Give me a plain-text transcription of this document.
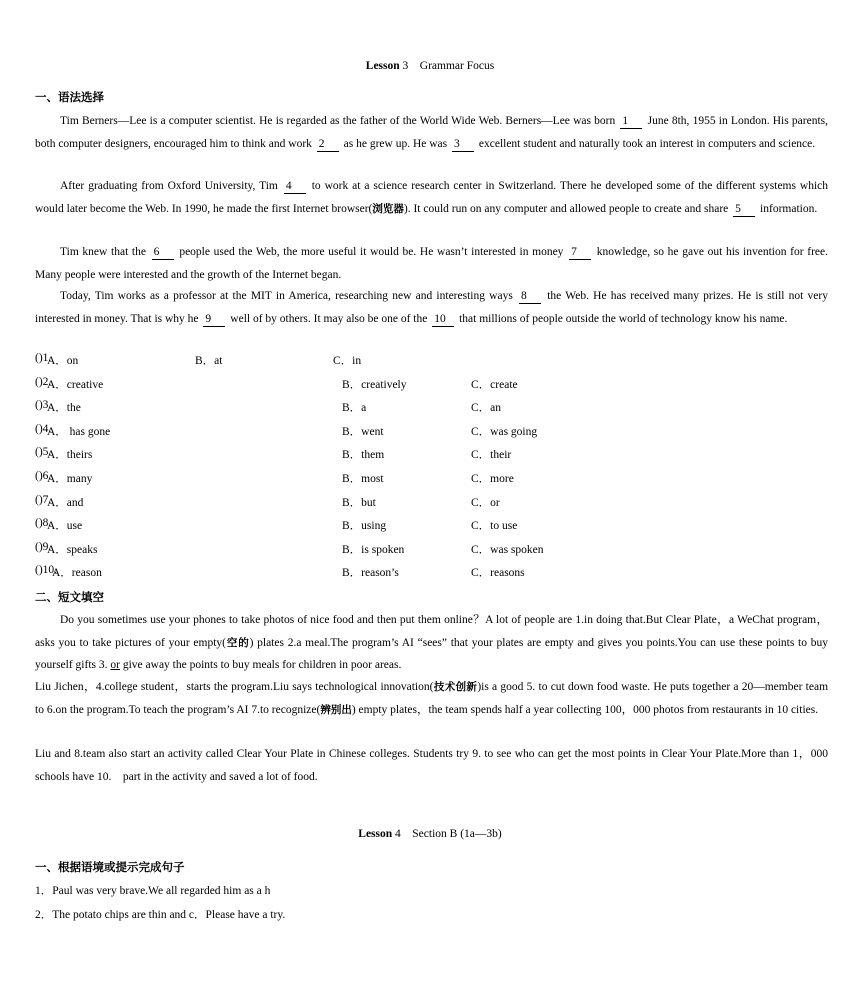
Lesson 3　Grammar Focus
一、语法选择
Tim Berners—Lee is a computer scientist. He is regarded as the father of the World Wide Web. Berners—Lee was born 1 June 8th, 1955 in London. His parents, both computer designers, encouraged him to think and work 2 as he grew up. He was 3 excellent student and naturally took an interest in computers and science.
After graduating from Oxford University, Tim 4 to work at a science research center in Switzerland. There he developed some of the different systems which would later become the Web. In 1990, he made the first Internet browser(浏览器). It could run on any computer and allowed people to create and share 5 information.
Tim knew that the 6 people used the Web, the more useful it would be. He wasn’t interested in money 7 knowledge, so he gave out his invention for free. Many people were interested and the growth of the Internet began.
Today, Tim works as a professor at the MIT in America, researching new and interesting ways 8 the Web. He has received many prizes. He is still not very interested in money. That is why he 9 well of by others. It may also be one of the 10 that millions of people outside the world of technology know his name.
()1.
A．on	B．at	C．in
()2.
A．creative	B．creatively	C．create
()3.
A．the	B．a	C．an
()4.
A． has gone	B．went	C．was going
()5.
A．theirs	B．them	C．their
()6.
A．many	B．most	C．more
()7.
A．and	B．but	C．or
()8.
A．use	B．using	C．to use
()9.
A．speaks	B．is spoken	C．was spoken
()10.
A．reason	B．reason’s	C．reasons
二、短文填空
Do you sometimes use your phones to take photos of nice food and then put them online？A lot of people are 1.in doing that.But Clear Plate，a WeChat program，asks you to take pictures of your empty(空的) plates 2.a meal.The program’s AI “sees” that your plates are empty and gives you points.You can use these points to buy yourself gifts 3. or give away the points to buy meals for children in poor areas.
Liu Jichen，4.college student，starts the program.Liu says technological innovation(技术创新)is a good 5. to cut down food waste. He puts together a 20—member team to 6.on the program.To teach the program’s AI 7.to recognize(辨别出) empty plates，the team spends half a year collecting 100，000 photos from restaurants in 10 cities.
Liu and 8.team also start an activity called Clear Your Plate in Chinese colleges. Students try 9. to see who can get the most points in Clear Your Plate.More than 1，000 schools have 10.　part in the activity and saved a lot of food.
Lesson 4　Section B (1a—3b)
一、根据语境或提示完成句子
1．Paul was very brave.We all regarded him as a h
2．The potato chips are thin and c．Please have a try.
